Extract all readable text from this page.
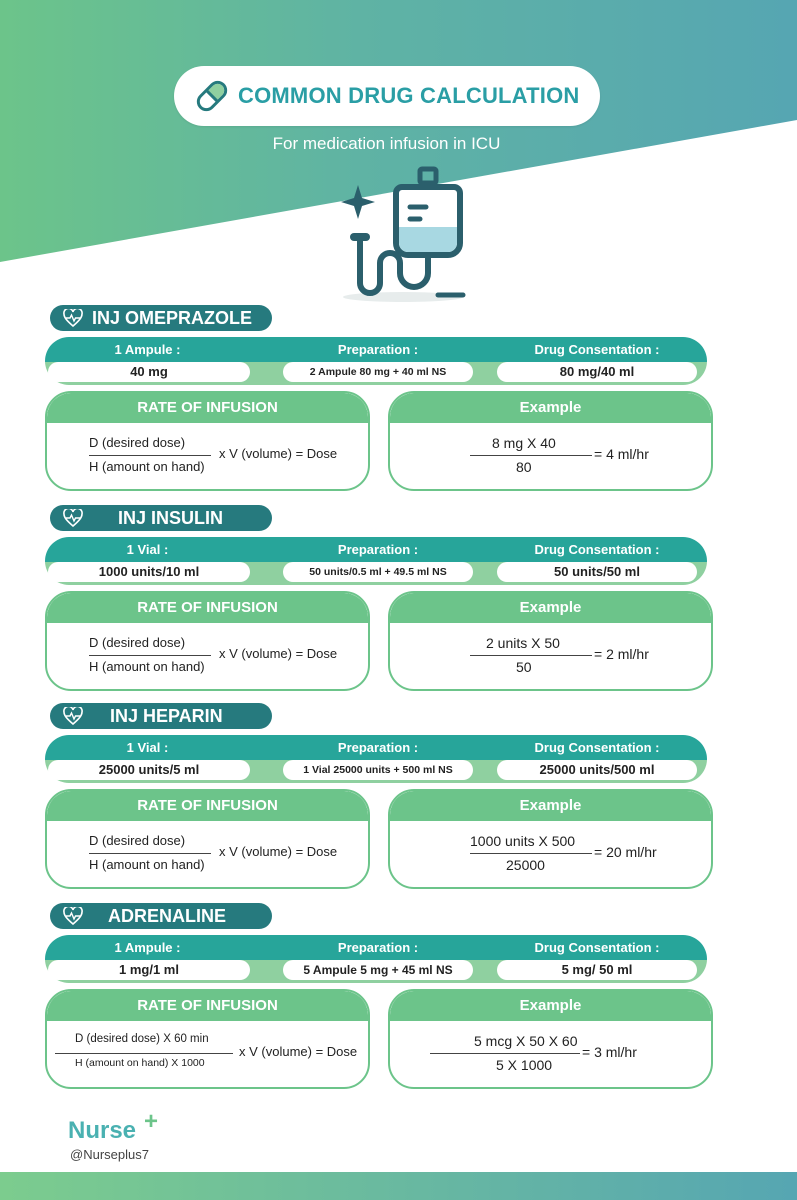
COMMON DRUG CALCULATION
For medication infusion in ICU
INJ OMEPRAZOLE
1 Ampule :
40 mg
Preparation :
2 Ampule 80 mg + 40 ml NS
Drug Consentation :
80 mg/40 ml
RATE OF INFUSION
D (desired dose)
H (amount on hand)
x V (volume) = Dose
Example
8 mg X 40
80
= 4 ml/hr
INJ INSULIN
1 Vial :
1000 units/10 ml
Preparation :
50 units/0.5 ml + 49.5 ml NS
Drug Consentation :
50 units/50 ml
RATE OF INFUSION
D (desired dose)
H (amount on hand)
x V (volume) = Dose
Example
2 units X 50
50
= 2 ml/hr
INJ HEPARIN
1 Vial :
25000 units/5 ml
Preparation :
1 Vial 25000 units + 500 ml NS
Drug Consentation :
25000 units/500 ml
RATE OF INFUSION
D (desired dose)
H (amount on hand)
x V (volume) = Dose
Example
1000 units X 500
25000
= 20 ml/hr
ADRENALINE
1 Ampule :
1 mg/1 ml
Preparation :
5 Ampule 5 mg + 45 ml NS
Drug Consentation :
5 mg/ 50 ml
RATE OF INFUSION
D (desired dose) X 60 min
H (amount on hand) X 1000
x V (volume) = Dose
Example
5 mcg X 50 X 60
5 X 1000
= 3 ml/hr
Nurse +
@Nurseplus7
